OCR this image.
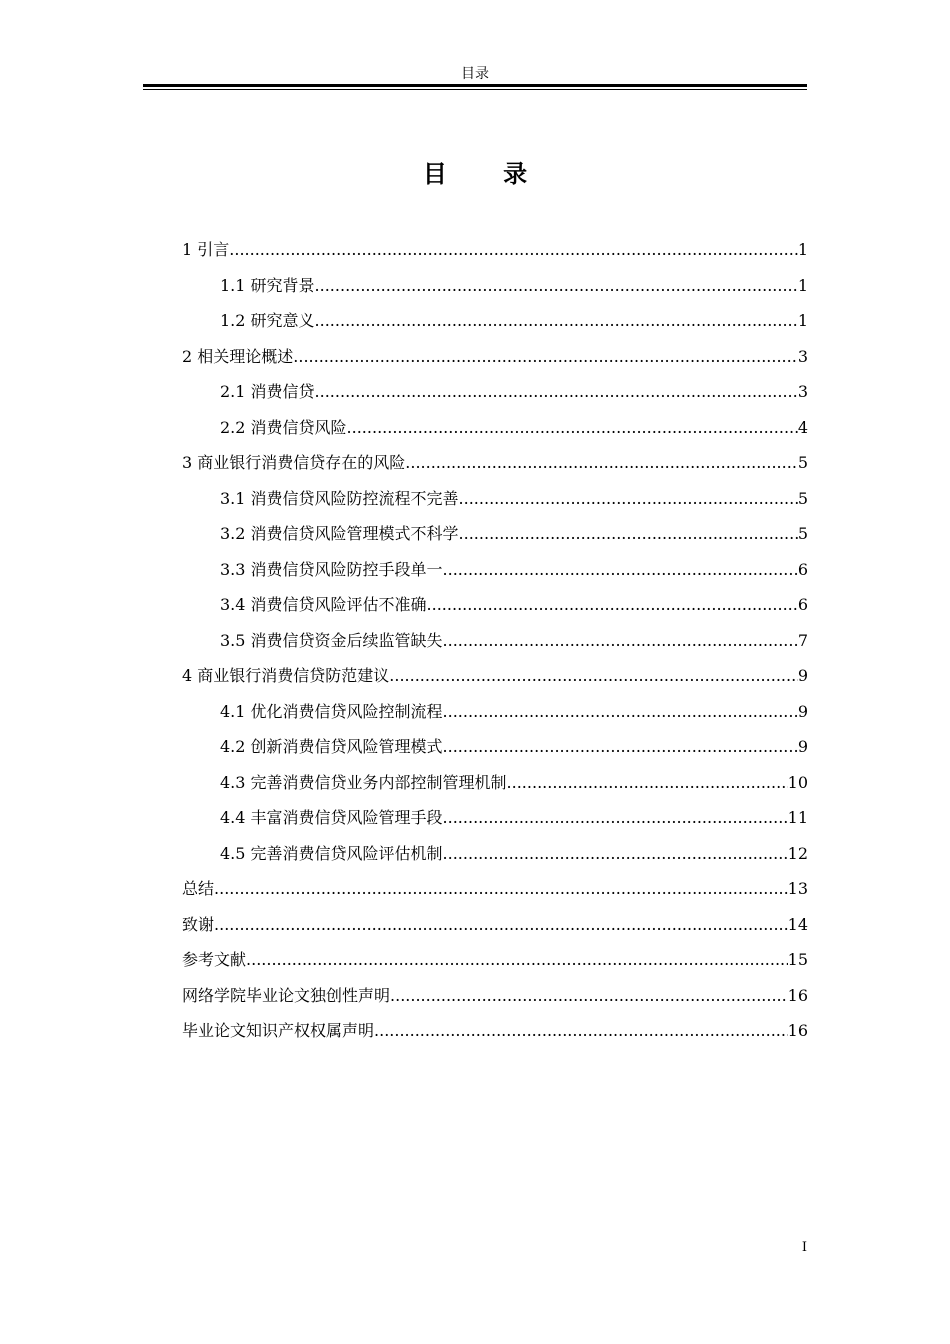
目录
目 录
1 引言 .....	1
1.1 研究背景 .....	1
1.2 研究意义 .....	1
2 相关理论概述 .....	3
2.1 消费信贷 .....	3
2.2 消费信贷风险 .....	4
3 商业银行消费信贷存在的风险 .....	5
3.1 消费信贷风险防控流程不完善 .....	5
3.2 消费信贷风险管理模式不科学 .....	5
3.3 消费信贷风险防控手段单一 .....	6
3.4 消费信贷风险评估不准确 .....	6
3.5 消费信贷资金后续监管缺失 .....	7
4 商业银行消费信贷防范建议 .....	9
4.1 优化消费信贷风险控制流程 .....	9
4.2 创新消费信贷风险管理模式 .....	9
4.3 完善消费信贷业务内部控制管理机制 .....	10
4.4 丰富消费信贷风险管理手段 .....	11
4.5 完善消费信贷风险评估机制 .....	12
总结 .....	13
致谢 .....	14
参考文献 .....	15
网络学院毕业论文独创性声明 .....	16
毕业论文知识产权权属声明 .....	16
I
